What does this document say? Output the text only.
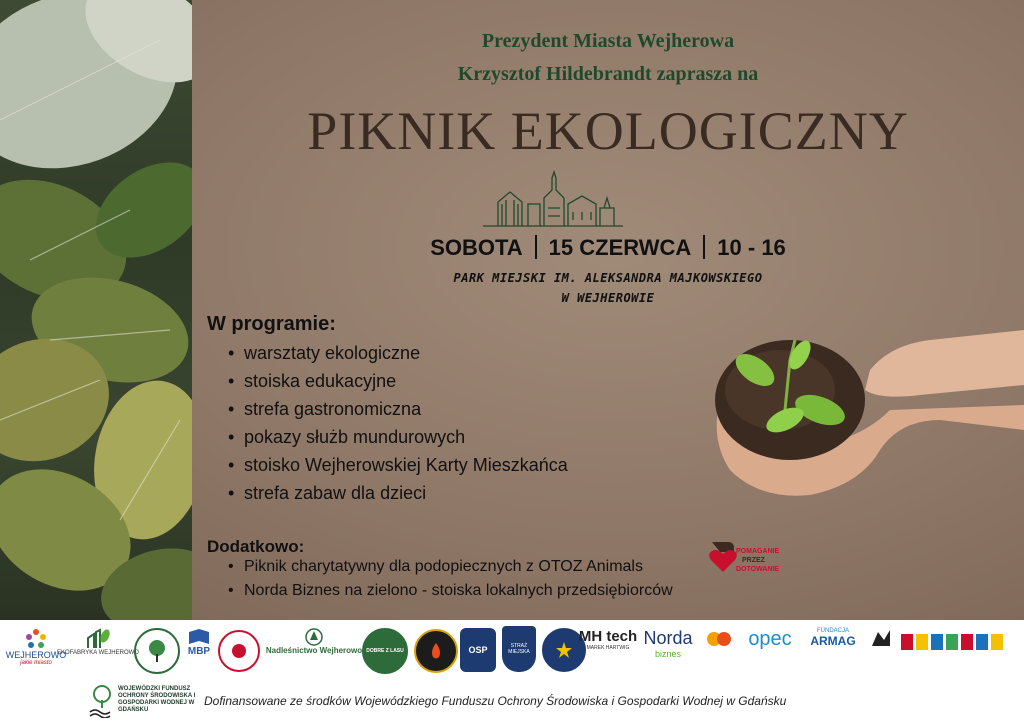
Prezydent Miasta Wejherowa
Krzysztof Hildebrandt zaprasza na
PIKNIK EKOLOGICZNY
SOBOTA 15 CZERWCA 10 - 16
PARK MIEJSKI IM. ALEKSANDRA MAJKOWSKIEGO
W WEJHEROWIE
W programie:
• warsztaty ekologiczne
• stoiska edukacyjne
• strefa gastronomiczna
• pokazy służb mundurowych
• stoisko Wejherowskiej Karty Mieszkańca
• strefa zabaw dla dzieci
Dodatkowo:
• Piknik charytatywny dla podopiecznych z OTOZ Animals
• Norda Biznes na zielono - stoiska lokalnych przedsiębiorców
POMAGANIE
PRZEZ
DOTOWANIE
WEJHEROWO
jakie miasto
EKOFABRYKA WEJHEROWO	MBP	Nadleśnictwo Wejherowo DOBRE Z LASU	OSP	STRAŻ MIEJSKA
MH tech
MAREK HARTWIG Norda
biznes
opec	FUNDACJA
ARMAG
WOJEWÓDZKI FUNDUSZ OCHRONY ŚRODOWISKA I GOSPODARKI WODNEJ W GDAŃSKU
Dofinansowane ze środków Wojewódzkiego Funduszu Ochrony Środowiska i Gospodarki Wodnej w Gdańsku
